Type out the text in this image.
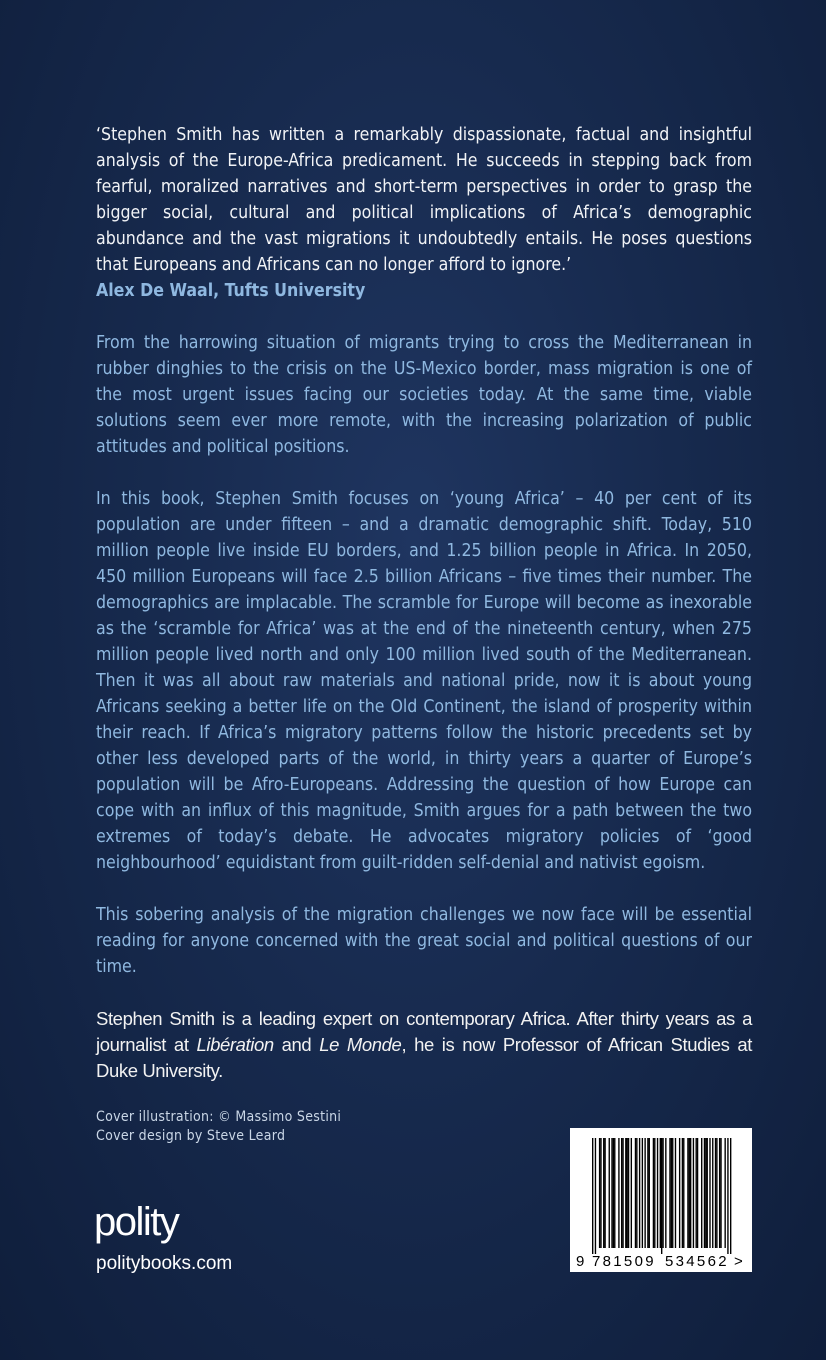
‘Stephen Smith has written a remarkably dispassionate, factual and insightful analysis of the Europe-Africa predicament. He succeeds in stepping back from fearful, moralized narratives and short-term perspectives in order to grasp the bigger social, cultural and political implications of Africa’s demographic abundance and the vast migrations it undoubtedly entails. He poses questions that Europeans and Africans can no longer afford to ignore.’

Alex De Waal, Tufts University

From the harrowing situation of migrants trying to cross the Mediterranean in rubber dinghies to the crisis on the US-Mexico border, mass migration is one of the most urgent issues facing our societies today. At the same time, viable solutions seem ever more remote, with the increasing polarization of public attitudes and political positions.

In this book, Stephen Smith focuses on ‘young Africa’ – 40 per cent of its population are under fifteen – and a dramatic demographic shift. Today, 510 million people live inside EU borders, and 1.25 billion people in Africa. In 2050, 450 million Europeans will face 2.5 billion Africans – five times their number. The demographics are implacable. The scramble for Europe will become as inexorable as the ‘scramble for Africa’ was at the end of the nineteenth century, when 275 million people lived north and only 100 million lived south of the Mediterranean. Then it was all about raw materials and national pride, now it is about young Africans seeking a better life on the Old Continent, the island of prosperity within their reach. If Africa’s migratory patterns follow the historic precedents set by other less developed parts of the world, in thirty years a quarter of Europe’s population will be Afro-Europeans. Addressing the question of how Europe can cope with an influx of this magnitude, Smith argues for a path between the two extremes of today’s debate. He advocates migratory policies of ‘good neighbourhood’ equidistant from guilt-ridden self-denial and nativist egoism.

This sobering analysis of the migration challenges we now face will be essential reading for anyone concerned with the great social and political questions of our time.

Stephen Smith is a leading expert on contemporary Africa. After thirty years as a journalist at Libération and Le Monde, he is now Professor of African Studies at Duke University.

Cover illustration: © Massimo Sestini
Cover design by Steve Leard
polity
politybooks.com	9 781509 534562 >
